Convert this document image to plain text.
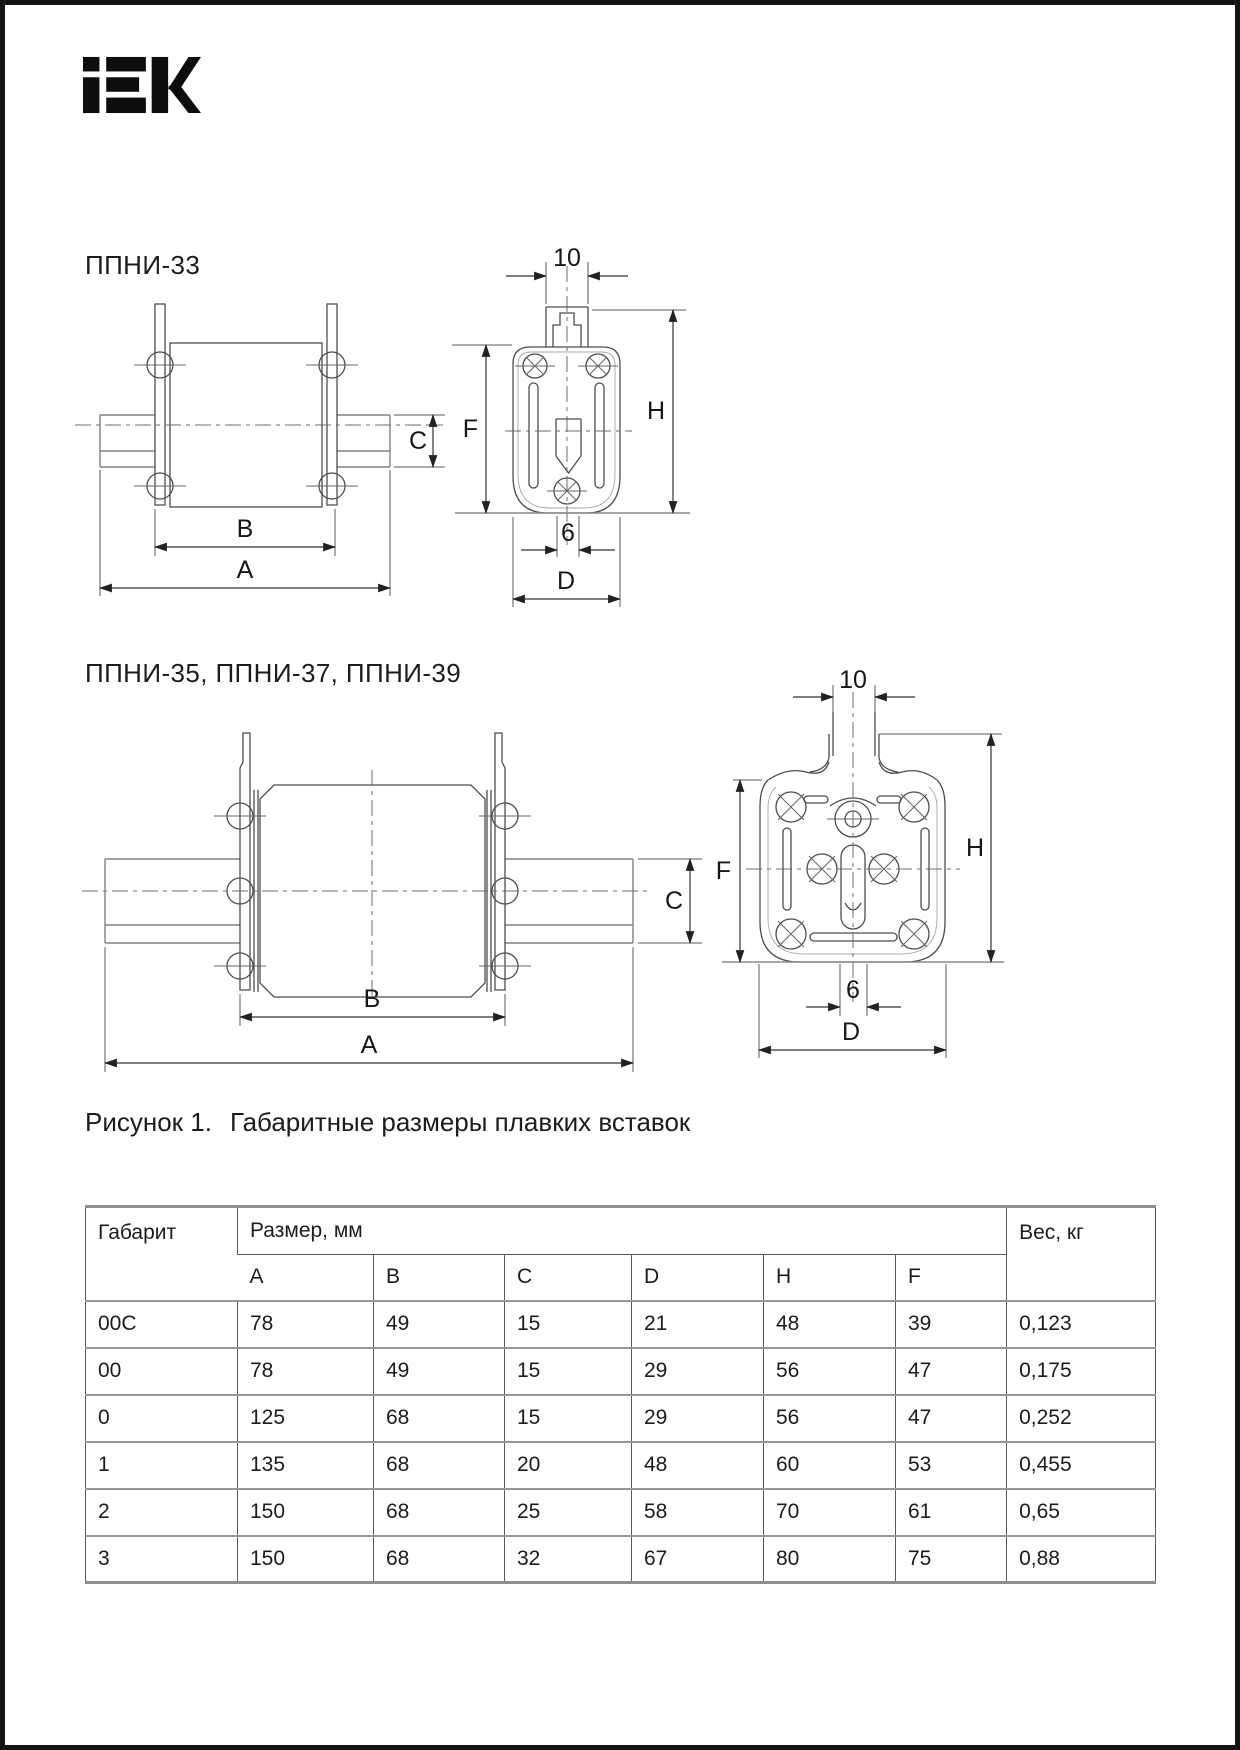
ППНИ-33
ППНИ-35, ППНИ-37, ППНИ-39
C
B
A
10
F
H
6
D
B
A
C
10
F
H
6
D
Рисунок 1. Габаритные размеры плавких вставок
Габарит	Размер, мм						Вес, кг
	A	B	C	D	H	F	
00C	78	49	15	21	48	39	0,123
00	78	49	15	29	56	47	0,175
0	125	68	15	29	56	47	0,252
1	135	68	20	48	60	53	0,455
2	150	68	25	58	70	61	0,65
3	150	68	32	67	80	75	0,88
